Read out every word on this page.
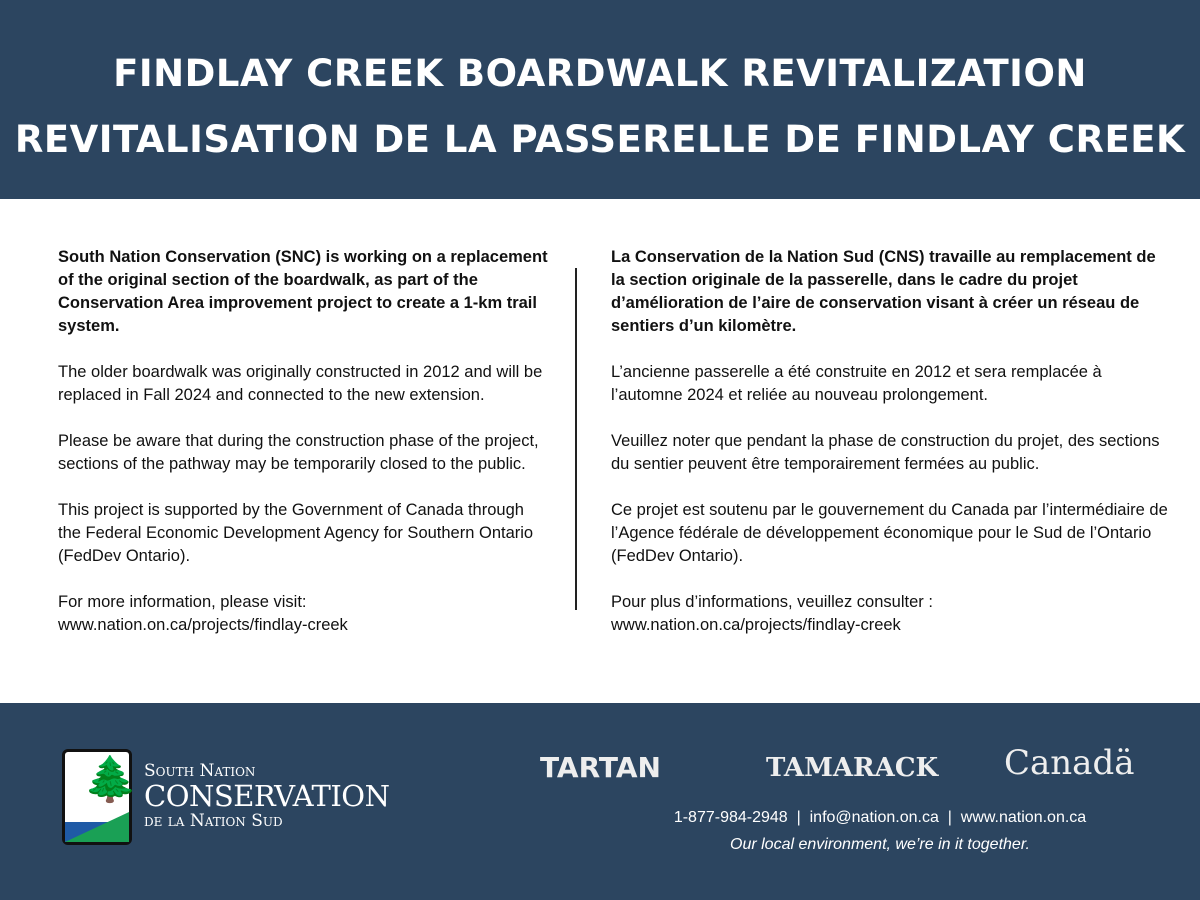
FINDLAY CREEK BOARDWALK REVITALIZATION
REVITALISATION DE LA PASSERELLE DE FINDLAY CREEK

South Nation Conservation (SNC) is working on a replacement of the original section of the boardwalk, as part of the Conservation Area improvement project to create a 1-km trail system.

The older boardwalk was originally constructed in 2012 and will be replaced in Fall 2024 and connected to the new extension.

Please be aware that during the construction phase of the project, sections of the pathway may be temporarily closed to the public.

This project is supported by the Government of Canada through the Federal Economic Development Agency for Southern Ontario (FedDev Ontario).

For more information, please visit:
www.nation.on.ca/projects/findlay-creek

La Conservation de la Nation Sud (CNS) travaille au remplacement de la section originale de la passerelle, dans le cadre du projet d’amélioration de l’aire de conservation visant à créer un réseau de sentiers d’un kilomètre.

L’ancienne passerelle a été construite en 2012 et sera remplacée à l’automne 2024 et reliée au nouveau prolongement.

Veuillez noter que pendant la phase de construction du projet, des sections du sentier peuvent être temporairement fermées au public.

Ce projet est soutenu par le gouvernement du Canada par l’intermédiaire de l’Agence fédérale de développement économique pour le Sud de l’Ontario (FedDev Ontario).

Pour plus d’informations, veuillez consulter :
www.nation.on.ca/projects/findlay-creek
🌲 South Nation
CONSERVATION
de la Nation Sud
TARTAN	TAMARACK Canadä
1-877-984-2948  |  info@nation.on.ca  |  www.nation.on.ca
Our local environment, we’re in it together.
